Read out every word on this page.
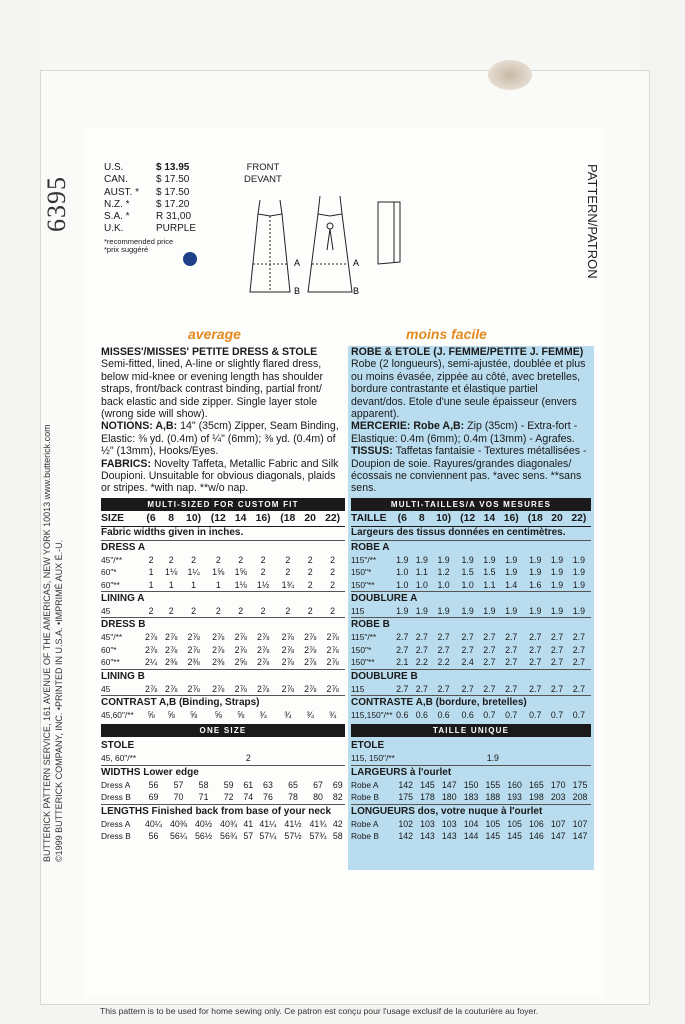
6395	PATTERN/PATRON
BUTTERICK PATTERN SERVICE, 161 AVENUE OF THE AMERICAS, NEW YORK 10013 www.butterick.com ©1999 BUTTERICK COMPANY, INC. •PRINTED IN U.S.A. •IMPRIMÉ AUX É.-U.
U.S.	$ 13.95
CAN.	$ 17.50
AUST. *	$ 17.50
N.Z. *	$ 17.20
S.A. *	R 31,00
U.K.	PURPLE
*recommended price
*prix suggéré
FRONT
DEVANT
A
B
A
B
average	moins facile
MISSES'/MISSES' PETITE DRESS & STOLE
Semi-fitted, lined, A-line or slightly flared dress, below mid-knee or evening length has shoulder straps, front/back contrast binding, partial front/ back elastic and side zipper. Single layer stole (wrong side will show).
NOTIONS: A,B: 14" (35cm) Zipper, Seam Binding, Elastic: ⅜ yd. (0.4m) of ¼" (6mm); ⅜ yd. (0.4m) of ½" (13mm), Hooks/Eyes.
FABRICS: Novelty Taffeta, Metallic Fabric and Silk Doupioni. Unsuitable for obvious diagonals, plaids or stripes. *with nap. **w/o nap.
MULTI-SIZED FOR CUSTOM FIT
SIZE	(6	8	10)	(12	14	16)	(18	20	22)
Fabric widths given in inches.									
DRESS A									
45"/**	2	2	2	2	2	2	2	2	2
60"*	1	1⅛	1¼	1⅝	1⅝	2	2	2	2
60"**	1	1	1	1	1⅛	1½	1¾	2	2
LINING A									
45	2	2	2	2	2	2	2	2	2
DRESS B									
45"/**	2⅞	2⅞	2⅞	2⅞	2⅞	2⅞	2⅞	2⅞	2⅞
60"*	2⅞	2⅞	2⅞	2⅞	2⅞	2⅞	2⅞	2⅞	2⅞
60"**	2¼	2⅜	2⅜	2⅜	2⅝	2⅞	2⅞	2⅞	2⅞
LINING B									
45	2⅞	2⅞	2⅞	2⅞	2⅞	2⅞	2⅞	2⅞	2⅞
CONTRAST A,B (Binding, Straps)									
45,60"/**	⅝	⅝	⅝	⅝	⅝	¾	¾	¾	¾
ONE SIZE
STOLE									
45, 60"/**					2				
WIDTHS Lower edge									
Dress A	56	57	58	59	61	63	65	67	69
Dress B	69	70	71	72	74	76	78	80	82
LENGTHS Finished back from base of your neck									
Dress A	40¼	40⅜	40½	40¾	41	41¼	41½	41¾	42
Dress B	56	56¼	56½	56¾	57	57¼	57½	57¾	58
ROBE & ETOLE (J. FEMME/PETITE J. FEMME)
Robe (2 longueurs), semi-ajustée, doublée et plus ou moins évasée, zippée au côté, avec bretelles, bordure contrastante et élastique partiel devant/dos. Etole d'une seule épaisseur (envers apparent).
MERCERIE: Robe A,B: Zip (35cm) - Extra-fort - Elastique: 0.4m (6mm); 0.4m (13mm) - Agrafes.
TISSUS: Taffetas fantaisie - Textures métallisées - Doupion de soie. Rayures/grandes diagonales/écossais ne conviennent pas. *avec sens. **sans sens.
MULTI-TAILLES/A VOS MESURES
TAILLE	(6	8	10)	(12	14	16)	(18	20	22)
Largeurs des tissus données en centimètres.									
ROBE A									
115"/**	1.9	1.9	1.9	1.9	1.9	1.9	1.9	1.9	1.9
150"*	1.0	1.1	1.2	1.5	1.5	1.9	1.9	1.9	1.9
150"**	1.0	1.0	1.0	1.0	1.1	1.4	1.6	1.9	1.9
DOUBLURE A									
115	1.9	1.9	1.9	1.9	1.9	1.9	1.9	1.9	1.9
ROBE B									
115"/**	2.7	2.7	2.7	2.7	2.7	2.7	2.7	2.7	2.7
150"*	2.7	2.7	2.7	2.7	2.7	2.7	2.7	2.7	2.7
150"**	2.1	2.2	2.2	2.4	2.7	2.7	2.7	2.7	2.7
DOUBLURE B									
115	2.7	2.7	2.7	2.7	2.7	2.7	2.7	2.7	2.7
CONTRASTE A,B (bordure, bretelles)									
115,150"/**	0.6	0.6	0.6	0.6	0.7	0.7	0.7	0.7	0.7
TAILLE UNIQUE
ETOLE									
115, 150"/**					1.9				
LARGEURS à l'ourlet									
Robe A	142	145	147	150	155	160	165	170	175
Robe B	175	178	180	183	188	193	198	203	208
LONGUEURS dos, votre nuque à l'ourlet									
Robe A	102	103	103	104	105	105	106	107	107
Robe B	142	143	143	144	145	145	146	147	147
This pattern is to be used for home sewing only. Ce patron est conçu pour l'usage exclusif de la couturière au foyer.
